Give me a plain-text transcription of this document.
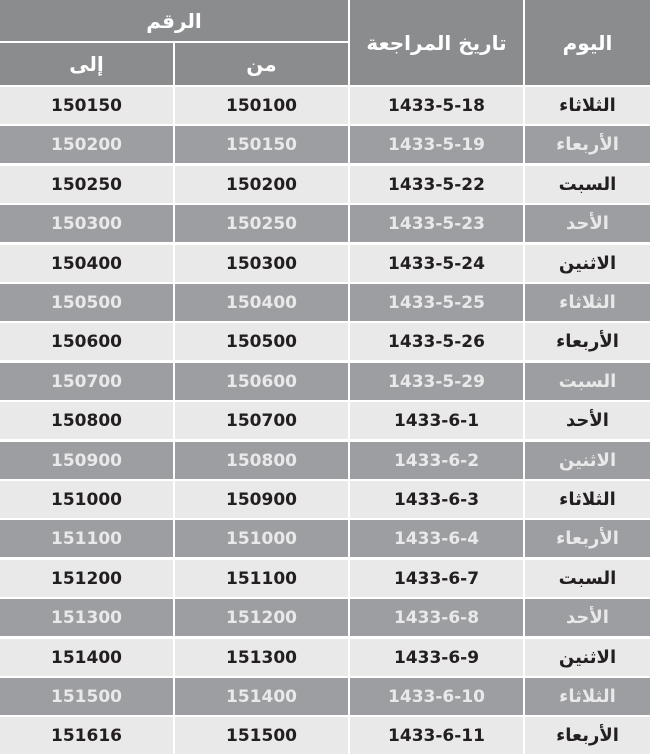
اليوم
تاريخ المراجعة
الرقم
من
إلى
الثلاثاء
1433-5-18
150100
150150
الأربعاء
1433-5-19
150150
150200
السبت
1433-5-22
150200
150250
الأحد
1433-5-23
150250
150300
الاثنين
1433-5-24
150300
150400
الثلاثاء
1433-5-25
150400
150500
الأربعاء
1433-5-26
150500
150600
السبت
1433-5-29
150600
150700
الأحد
1433-6-1
150700
150800
الاثنين
1433-6-2
150800
150900
الثلاثاء
1433-6-3
150900
151000
الأربعاء
1433-6-4
151000
151100
السبت
1433-6-7
151100
151200
الأحد
1433-6-8
151200
151300
الاثنين
1433-6-9
151300
151400
الثلاثاء
1433-6-10
151400
151500
الأربعاء
1433-6-11
151500
151616
